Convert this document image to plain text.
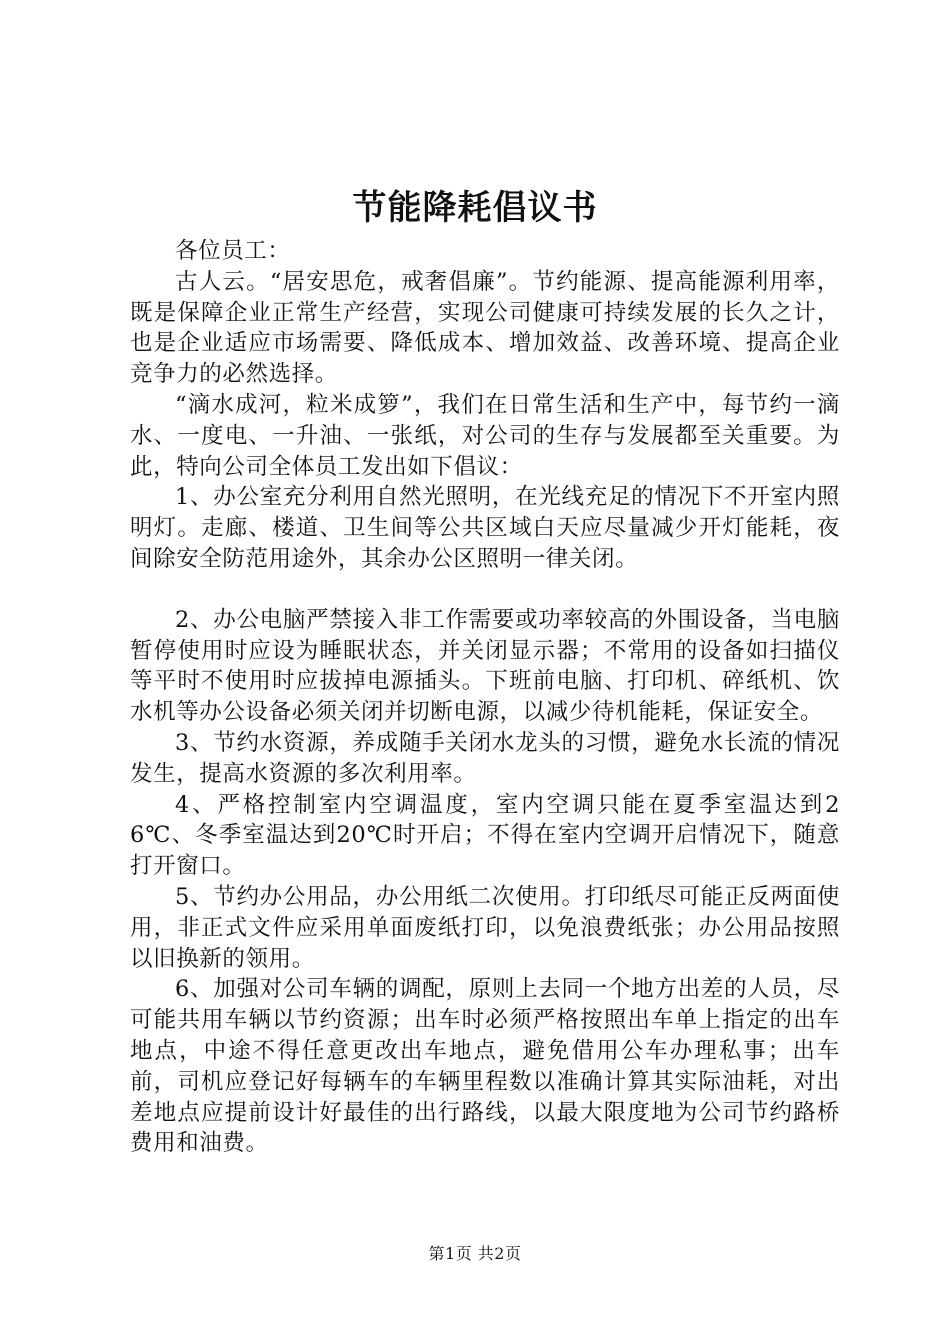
节能降耗倡议书

各位员工：

古人云。“居安思危，戒奢倡廉”。节约能源、提高能源利用率，既是保障企业正常生产经营，实现公司健康可持续发展的长久之计，也是企业适应市场需要、降低成本、增加效益、改善环境、提高企业竞争力的必然选择。

“滴水成河，粒米成箩”，我们在日常生活和生产中，每节约一滴水、一度电、一升油、一张纸，对公司的生存与发展都至关重要。为此，特向公司全体员工发出如下倡议：

1、办公室充分利用自然光照明，在光线充足的情况下不开室内照明灯。走廊、楼道、卫生间等公共区域白天应尽量减少开灯能耗，夜间除安全防范用途外，其余办公区照明一律关闭。

2、办公电脑严禁接入非工作需要或功率较高的外围设备，当电脑暂停使用时应设为睡眠状态，并关闭显示器；不常用的设备如扫描仪等平时不使用时应拔掉电源插头。下班前电脑、打印机、碎纸机、饮水机等办公设备必须关闭并切断电源，以减少待机能耗，保证安全。

3、节约水资源，养成随手关闭水龙头的习惯，避免水长流的情况发生，提高水资源的多次利用率。

4、严格控制室内空调温度，室内空调只能在夏季室温达到26℃、冬季室温达到20℃时开启；不得在室内空调开启情况下，随意打开窗口。

5、节约办公用品，办公用纸二次使用。打印纸尽可能正反两面使用，非正式文件应采用单面废纸打印，以免浪费纸张；办公用品按照以旧换新的领用。

6、加强对公司车辆的调配，原则上去同一个地方出差的人员，尽可能共用车辆以节约资源；出车时必须严格按照出车单上指定的出车地点，中途不得任意更改出车地点，避免借用公车办理私事；出车前，司机应登记好每辆车的车辆里程数以准确计算其实际油耗，对出差地点应提前设计好最佳的出行路线，以最大限度地为公司节约路桥费用和油费。

第1页 共2页
